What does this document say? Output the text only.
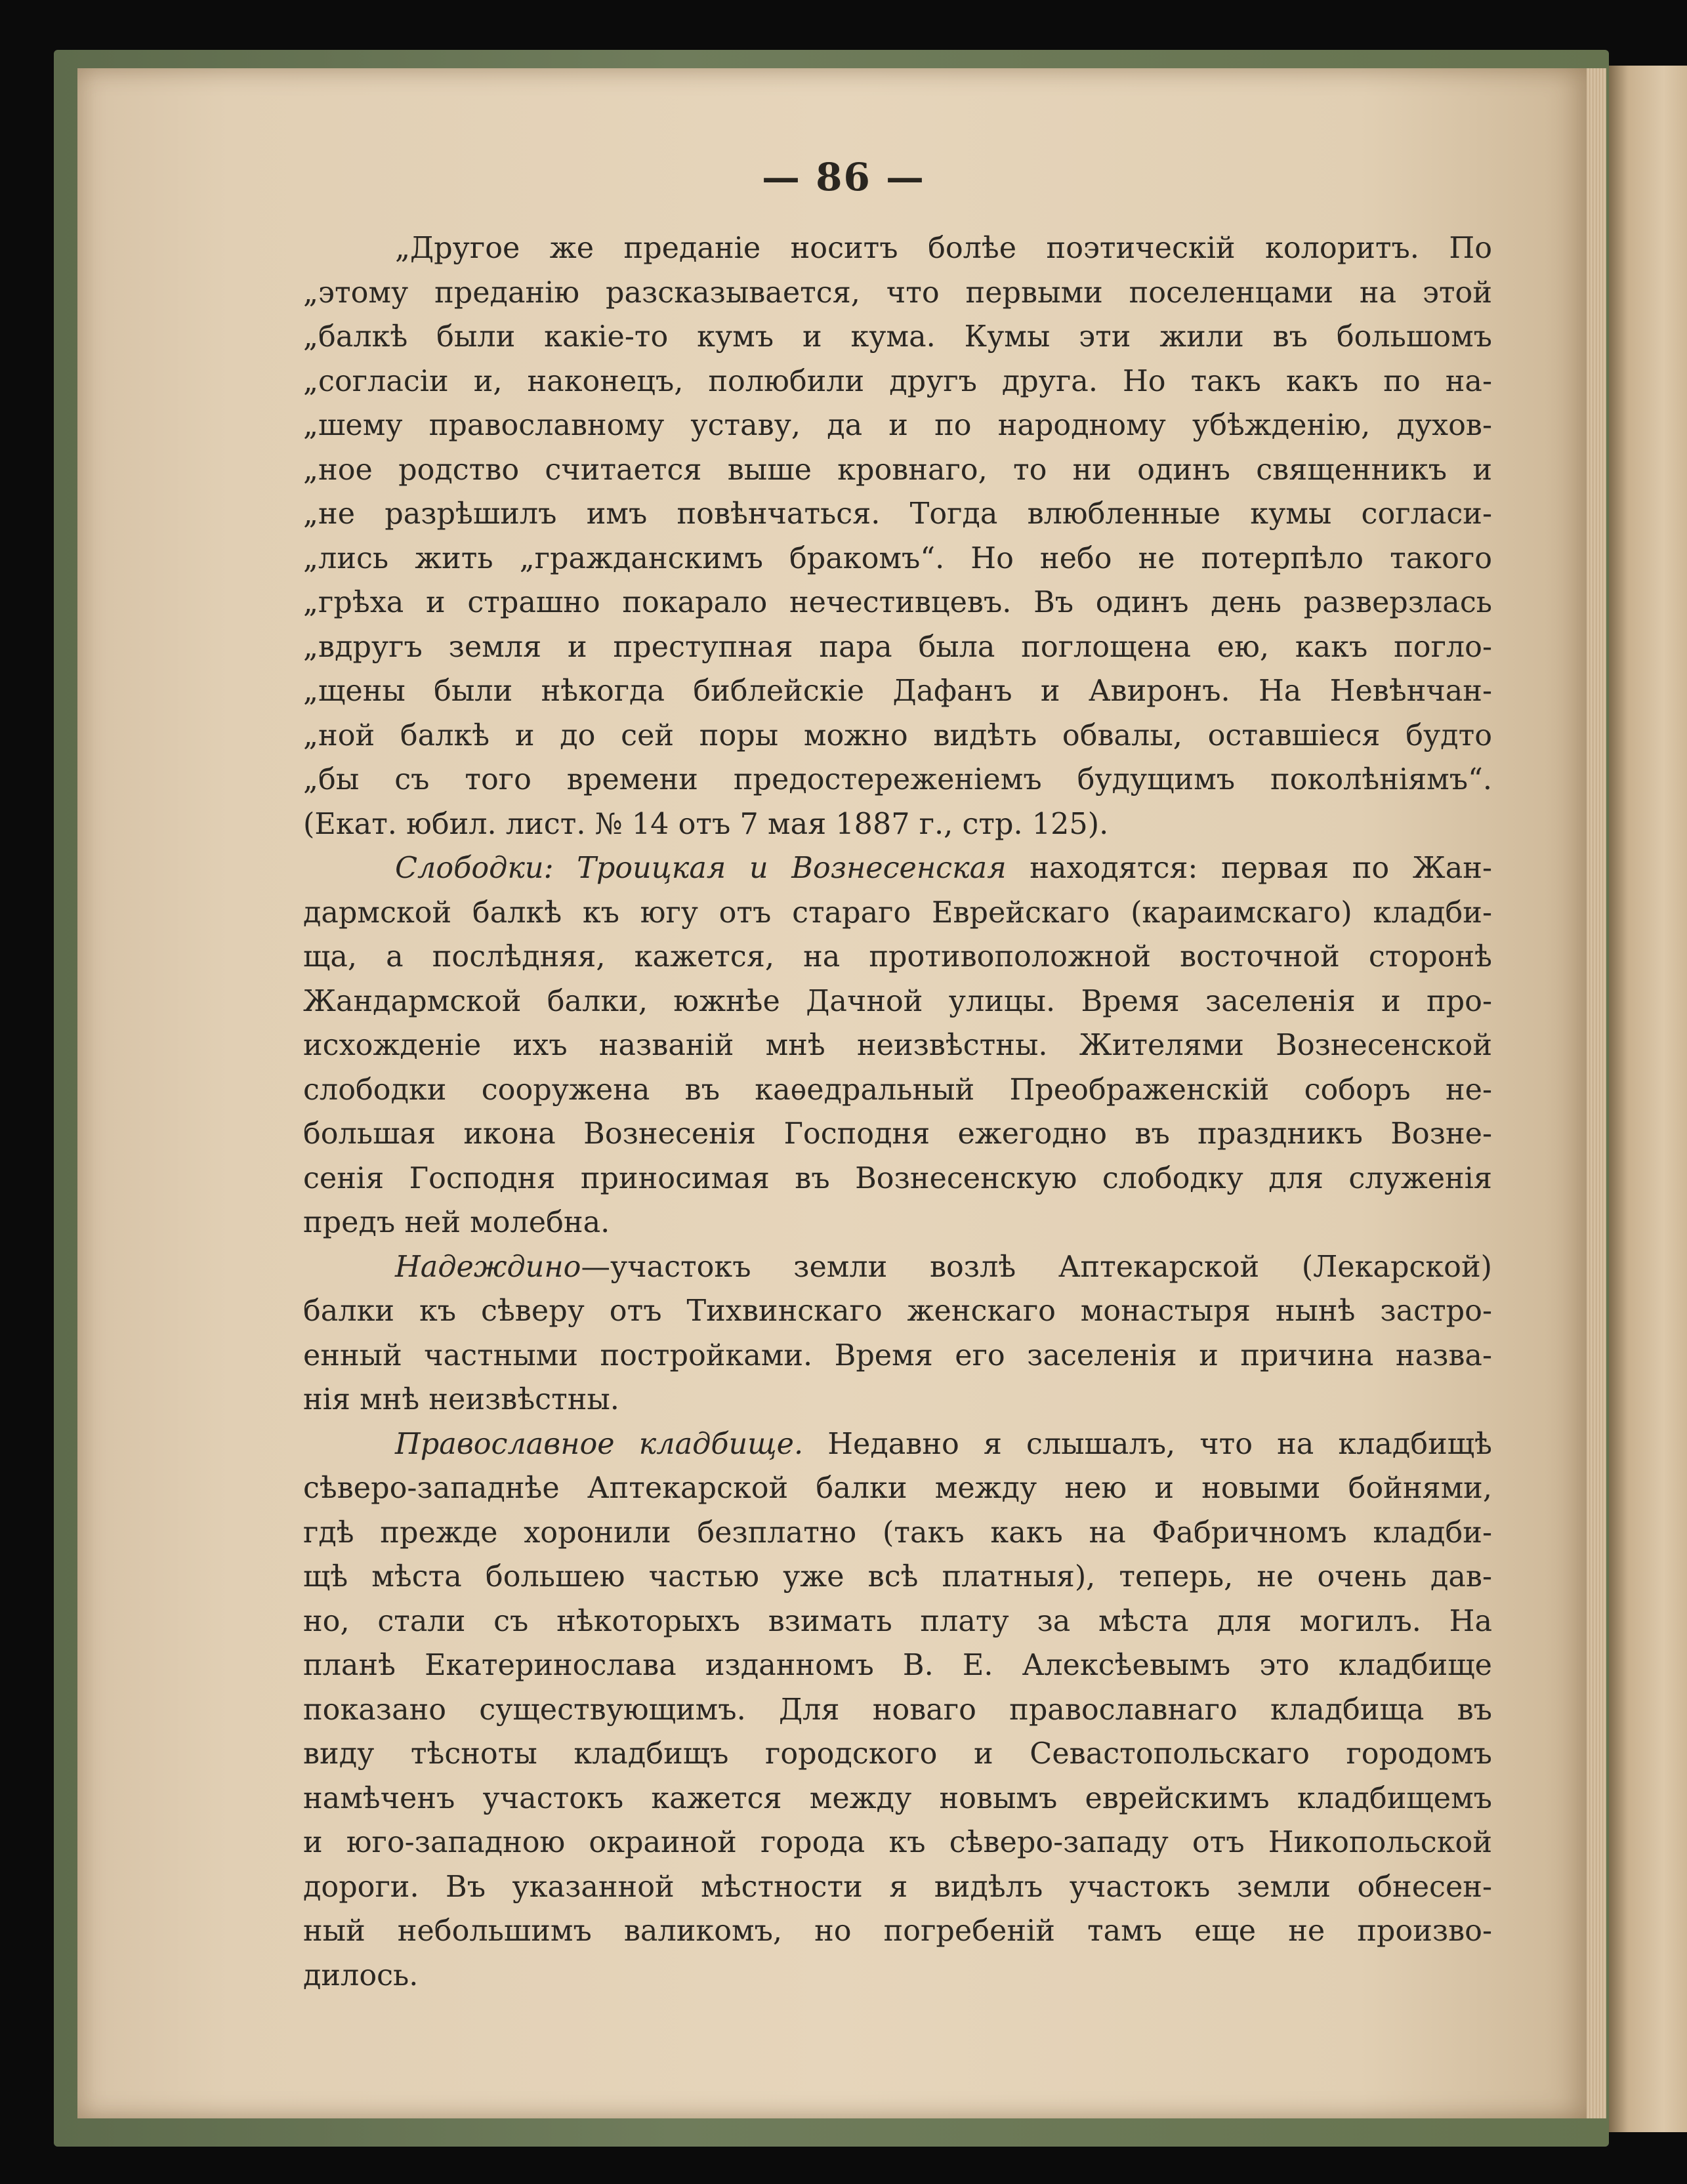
— 86 —
„Другое же преданіе носитъ болѣе поэтическій колоритъ. По
„этому преданію разсказывается, что первыми поселенцами на этой
„балкѣ были какіе-то кумъ и кума. Кумы эти жили въ большомъ
„согласіи и, наконецъ, полюбили другъ друга. Но такъ какъ по на-
„шему православному уставу, да и по народному убѣжденію, духов-
„ное родство считается выше кровнаго, то ни одинъ священникъ и
„не разрѣшилъ имъ повѣнчаться. Тогда влюбленные кумы согласи-
„лись жить „гражданскимъ бракомъ“. Но небо не потерпѣло такого
„грѣха и страшно покарало нечестивцевъ. Въ одинъ день разверзлась
„вдругъ земля и преступная пара была поглощена ею, какъ погло-
„щены были нѣкогда библейскіе Дафанъ и Авиронъ. На Невѣнчан-
„ной балкѣ и до сей поры можно видѣть обвалы, оставшіеся будто
„бы съ того времени предостереженіемъ будущимъ поколѣніямъ“.
(Екат. юбил. лист. № 14 отъ 7 мая 1887 г., стр. 125).
Слободки: Троицкая и Вознесенская находятся: первая по Жан-
дармской балкѣ къ югу отъ стараго Еврейскаго (караимскаго) кладби-
ща, а послѣдняя, кажется, на противоположной восточной сторонѣ
Жандармской балки, южнѣе Дачной улицы. Время заселенія и про-
исхожденіе ихъ названій мнѣ неизвѣстны. Жителями Вознесенской
слободки сооружена въ каѳедральный Преображенскій соборъ не-
большая икона Вознесенія Господня ежегодно въ праздникъ Возне-
сенія Господня приносимая въ Вознесенскую слободку для служенія
предъ ней молебна.
Надеждино—участокъ земли возлѣ Аптекарской (Лекарской)
балки къ сѣверу отъ Тихвинскаго женскаго монастыря нынѣ застро-
енный частными постройками. Время его заселенія и причина назва-
нія мнѣ неизвѣстны.
Православное кладбище. Недавно я слышалъ, что на кладбищѣ
сѣверо-западнѣе Аптекарской балки между нею и новыми бойнями,
гдѣ прежде хоронили безплатно (такъ какъ на Фабричномъ кладби-
щѣ мѣста большею частью уже всѣ платныя), теперь, не очень дав-
но, стали съ нѣкоторыхъ взимать плату за мѣста для могилъ. На
планѣ Екатеринослава изданномъ В. Е. Алексѣевымъ это кладбище
показано существующимъ. Для новаго православнаго кладбища въ
виду тѣсноты кладбищъ городского и Севастопольскаго городомъ
намѣченъ участокъ кажется между новымъ еврейскимъ кладбищемъ
и юго-западною окраиной города къ сѣверо-западу отъ Никопольской
дороги. Въ указанной мѣстности я видѣлъ участокъ земли обнесен-
ный небольшимъ валикомъ, но погребеній тамъ еще не произво-
дилось.
